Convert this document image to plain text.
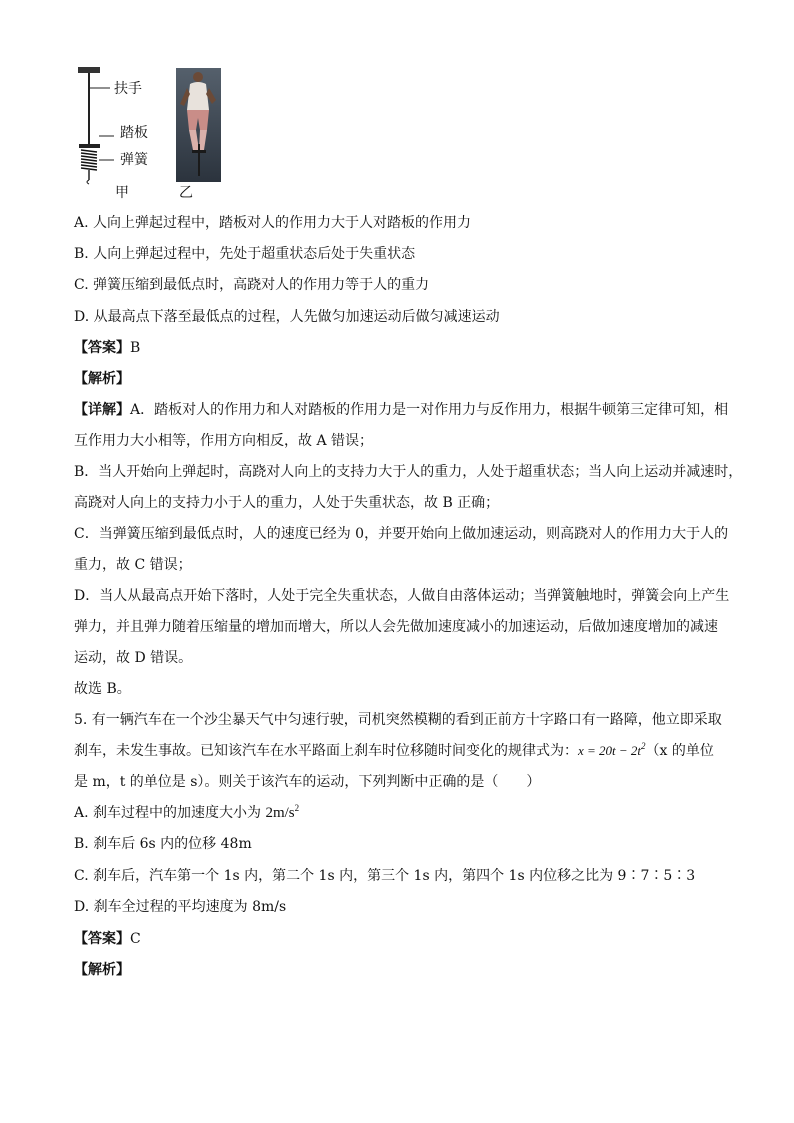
扶手
踏板
弹簧
甲	乙
A. 人向上弹起过程中，踏板对人的作用力大于人对踏板的作用力
B. 人向上弹起过程中，先处于超重状态后处于失重状态
C. 弹簧压缩到最低点时，高跷对人的作用力等于人的重力
D. 从最高点下落至最低点的过程，人先做匀加速运动后做匀减速运动
【答案】B
【解析】
【详解】A．踏板对人的作用力和人对踏板的作用力是一对作用力与反作用力，根据牛顿第三定律可知，相
互作用力大小相等，作用方向相反，故 A 错误；
B．当人开始向上弹起时，高跷对人向上的支持力大于人的重力，人处于超重状态；当人向上运动并减速时，
高跷对人向上的支持力小于人的重力，人处于失重状态，故 B 正确；
C．当弹簧压缩到最低点时，人的速度已经为 0，并要开始向上做加速运动，则高跷对人的作用力大于人的
重力，故 C 错误；
D．当人从最高点开始下落时，人处于完全失重状态，人做自由落体运动；当弹簧触地时，弹簧会向上产生
弹力，并且弹力随着压缩量的增加而增大，所以人会先做加速度减小的加速运动，后做加速度增加的减速
运动，故 D 错误。
故选 B。
5. 有一辆汽车在一个沙尘暴天气中匀速行驶，司机突然模糊的看到正前方十字路口有一路障，他立即采取
刹车，未发生事故。已知该汽车在水平路面上刹车时位移随时间变化的规律式为：$x = 20t - 2t^2(x$ 的单位
是 m，t 的单位是 s）。则关于该汽车的运动，下列判断中正确的是（　　）
A. 刹车过程中的加速度大小为 $2m/s^2$
B. 刹车后 6s 内的位移 48m
C. 刹车后，汽车第一个 1s 内，第二个 1s 内，第三个 1s 内，第四个 1s 内位移之比为 9∶7∶5∶3
D. 刹车全过程的平均速度为 8m/s
【答案】C
【解析】
